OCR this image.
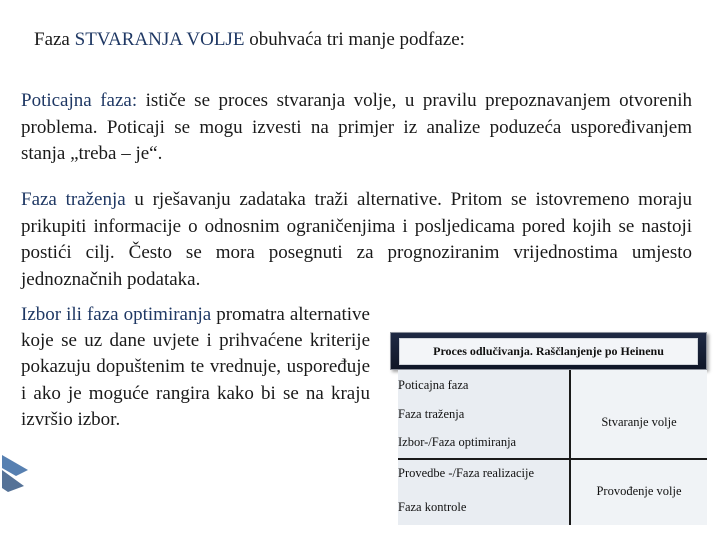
Faza STVARANJA VOLJE obuhvaća tri manje podfaze:
Poticajna faza: ističe se proces stvaranja volje, u pravilu prepoznavanjem otvorenih problema. Poticaji se mogu izvesti na primjer iz analize poduzeća uspoređivanjem stanja „treba – je“.
Faza traženja u rješavanju zadataka traži alternative. Pritom se istovremeno moraju prikupiti informacije o odnosnim ograničenjima i posljedicama pored kojih se nastoji postići cilj. Često se mora posegnuti za prognoziranim vrijednostima umjesto jednoznačnih podataka.
Izbor ili faza optimiranja promatra alternative koje se uz dane uvjete i prihvaćene kriterije pokazuju dopuštenim te vrednuje, uspoređuje i ako je moguće rangira kako bi se na kraju izvršio izbor.
Proces odlučivanja. Raščlanjenje po Heinenu
Poticajna faza
Faza traženja
Izbor-/Faza optimiranja
Provedbe -/Faza realizacije
Faza kontrole
Stvaranje volje
Provođenje volje
